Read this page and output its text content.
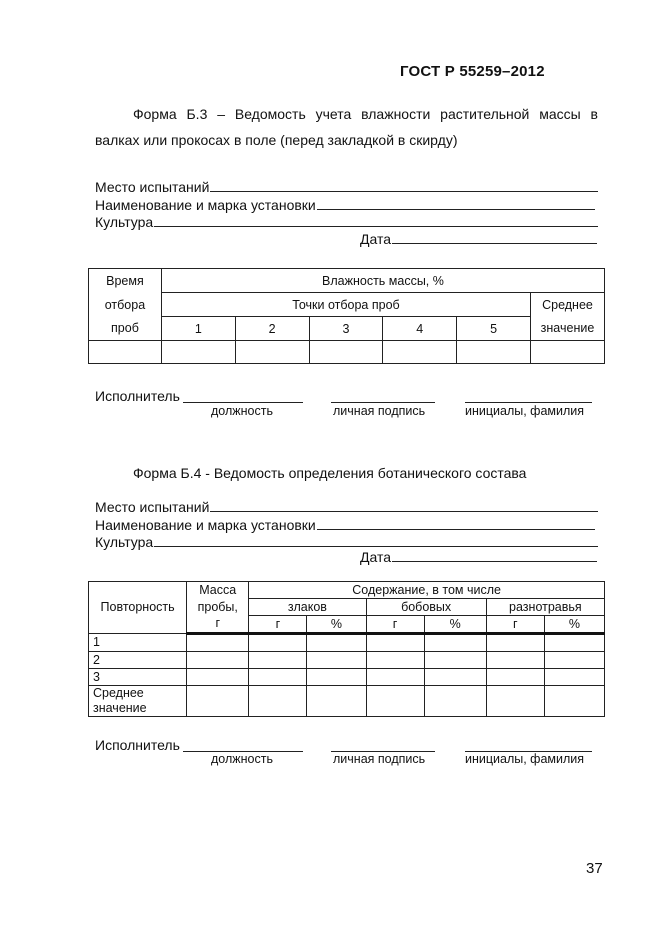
ГОСТ Р 55259–2012
Форма Б.3 – Ведомость учета влажности растительной массы в
валках или прокосах в поле (перед закладкой в скирду)
Место испытаний
Наименование и марка установки
Культура
Дата
Время	Влажность массы, %					
отбора	Точки отбора проб					Среднее
проб	1	2	3	4	5	значение

Исполнитель
должность	личная подпись	инициалы, фамилия
Форма Б.4 - Ведомость определения ботанического состава
Место испытаний
Наименование и марка установки
Культура
Дата
Повторность	Масса	Содержание, в том числе					
	пробы,	злаков		бобовых		разнотравья	
	г	г	%	г	%	г	%
1							
2							
3							

Среднее
значение							

Исполнитель
должность	личная подпись	инициалы, фамилия
37
